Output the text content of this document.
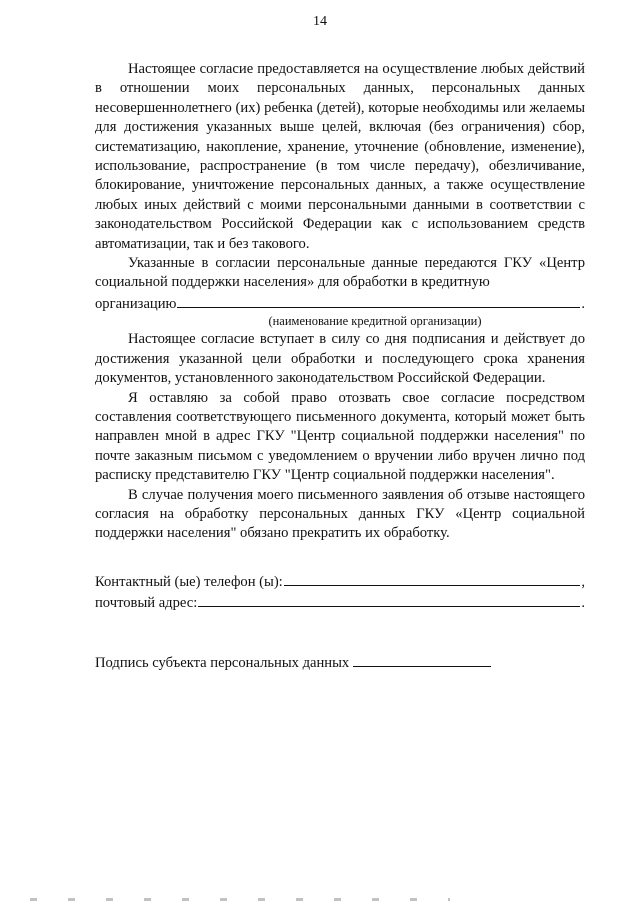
14

Настоящее согласие предоставляется на осуществление любых действий в отношении моих персональных данных, персональных данных несовершеннолетнего (их) ребенка (детей), которые необходимы или желаемы для достижения указанных выше целей, включая (без ограничения) сбор, систематизацию, накопление, хранение, уточнение (обновление, изменение), использование, распространение (в том числе передачу), обезличивание, блокирование, уничтожение персональных данных, а также осуществление любых иных действий с моими персональными данными в соответствии с законодательством Российской Федерации как с использованием средств автоматизации, так и без такового.

Указанные в согласии персональные данные передаются ГКУ «Центр социальной поддержки населения» для обработки в кредитную

организацию	.
(наименование кредитной организации)

Настоящее согласие вступает в силу со дня подписания и действует до достижения указанной цели обработки и последующего срока хранения документов, установленного законодательством Российской Федерации.

Я оставляю за собой право отозвать свое согласие посредством составления соответствующего письменного документа, который может быть направлен мной в адрес ГКУ "Центр социальной поддержки населения" по почте заказным письмом с уведомлением о вручении либо вручен лично под расписку представителю ГКУ "Центр социальной поддержки населения".

В случае получения моего письменного заявления об отзыве настоящего согласия на обработку персональных данных ГКУ «Центр социальной поддержки населения" обязано прекратить их обработку.

Контактный (ые) телефон (ы):	,
почтовый адрес:	.
Подпись субъекта персональных данных
